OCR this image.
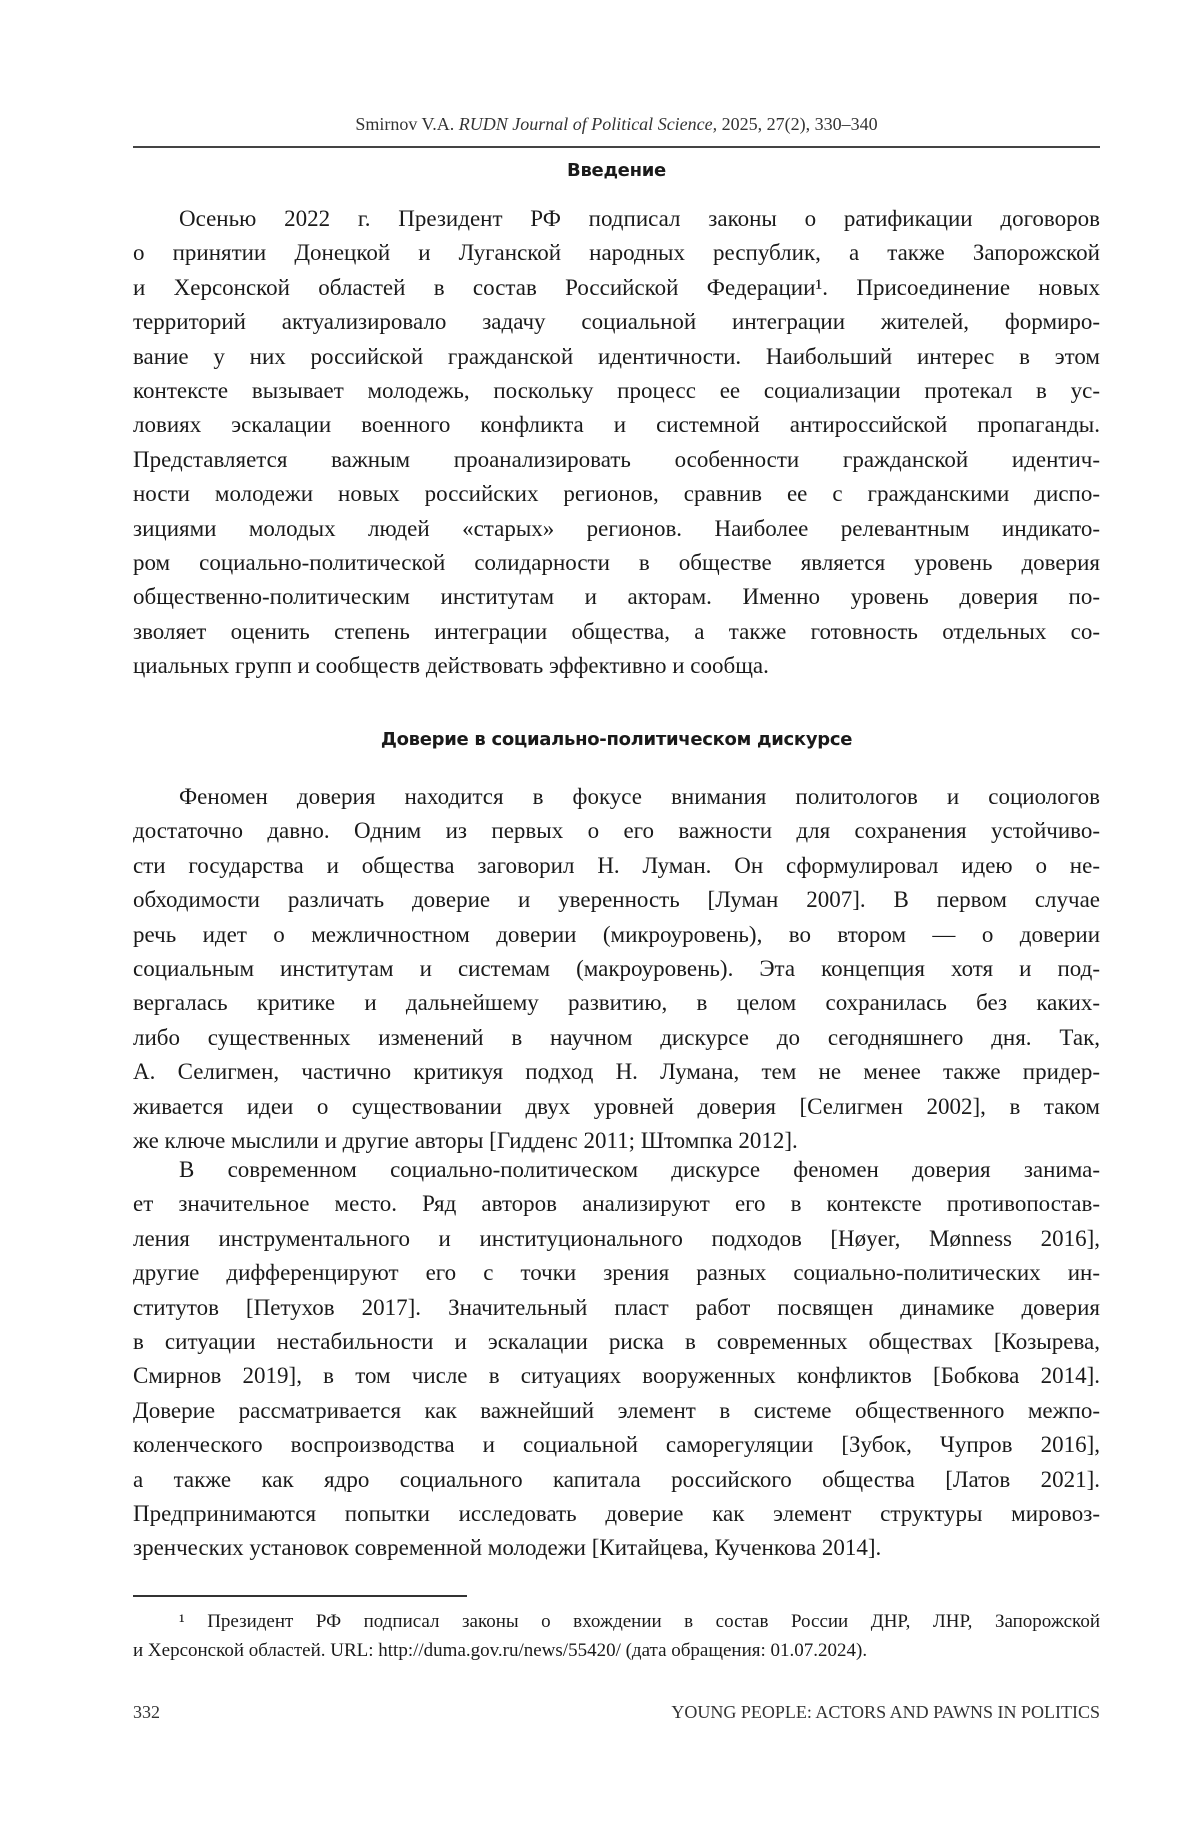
Smirnov V.A. RUDN Journal of Political Science, 2025, 27(2), 330–340
Введение
Осенью 2022 г. Президент РФ подписал законы о ратификации договоров
о принятии Донецкой и Луганской народных республик, а также Запорожской
и Херсонской областей в состав Российской Федерации¹. Присоединение новых
территорий актуализировало задачу социальной интеграции жителей, формиро-
вание у них российской гражданской идентичности. Наибольший интерес в этом
контексте вызывает молодежь, поскольку процесс ее социализации протекал в ус-
ловиях эскалации военного конфликта и системной антироссийской пропаганды.
Представляется важным проанализировать особенности гражданской идентич-
ности молодежи новых российских регионов, сравнив ее с гражданскими диспо-
зициями молодых людей «старых» регионов. Наиболее релевантным индикато-
ром социально-политической солидарности в обществе является уровень доверия
общественно-политическим институтам и акторам. Именно уровень доверия по-
зволяет оценить степень интеграции общества, а также готовность отдельных со-
циальных групп и сообществ действовать эффективно и сообща.
Доверие в социально-политическом дискурсе
Феномен доверия находится в фокусе внимания политологов и социологов
достаточно давно. Одним из первых о его важности для сохранения устойчиво-
сти государства и общества заговорил Н. Луман. Он сформулировал идею о не-
обходимости различать доверие и уверенность [Луман 2007]. В первом случае
речь идет о межличностном доверии (микроуровень), во втором — о доверии
социальным институтам и системам (макроуровень). Эта концепция хотя и под-
вергалась критике и дальнейшему развитию, в целом сохранилась без каких-
либо существенных изменений в научном дискурсе до сегодняшнего дня. Так,
А. Селигмен, частично критикуя подход Н. Лумана, тем не менее также придер-
живается идеи о существовании двух уровней доверия [Селигмен 2002], в таком
же ключе мыслили и другие авторы [Гидденс 2011; Штомпка 2012].
В современном социально-политическом дискурсе феномен доверия занима-
ет значительное место. Ряд авторов анализируют его в контексте противопостав-
ления инструментального и институционального подходов [Høyer, Mønness 2016],
другие дифференцируют его с точки зрения разных социально-политических ин-
ститутов [Петухов 2017]. Значительный пласт работ посвящен динамике доверия
в ситуации нестабильности и эскалации риска в современных обществах [Козырева,
Смирнов 2019], в том числе в ситуациях вооруженных конфликтов [Бобкова 2014].
Доверие рассматривается как важнейший элемент в системе общественного межпо-
коленческого воспроизводства и социальной саморегуляции [Зубок, Чупров 2016],
а также как ядро социального капитала российского общества [Латов 2021].
Предпринимаются попытки исследовать доверие как элемент структуры мировоз-
зренческих установок современной молодежи [Китайцева, Кученкова 2014].
¹ Президент РФ подписал законы о вхождении в состав России ДНР, ЛНР, Запорожской
и Херсонской областей. URL: http://duma.gov.ru/news/55420/ (дата обращения: 01.07.2024).
332	YOUNG PEOPLE: ACTORS AND PAWNS IN POLITICS
